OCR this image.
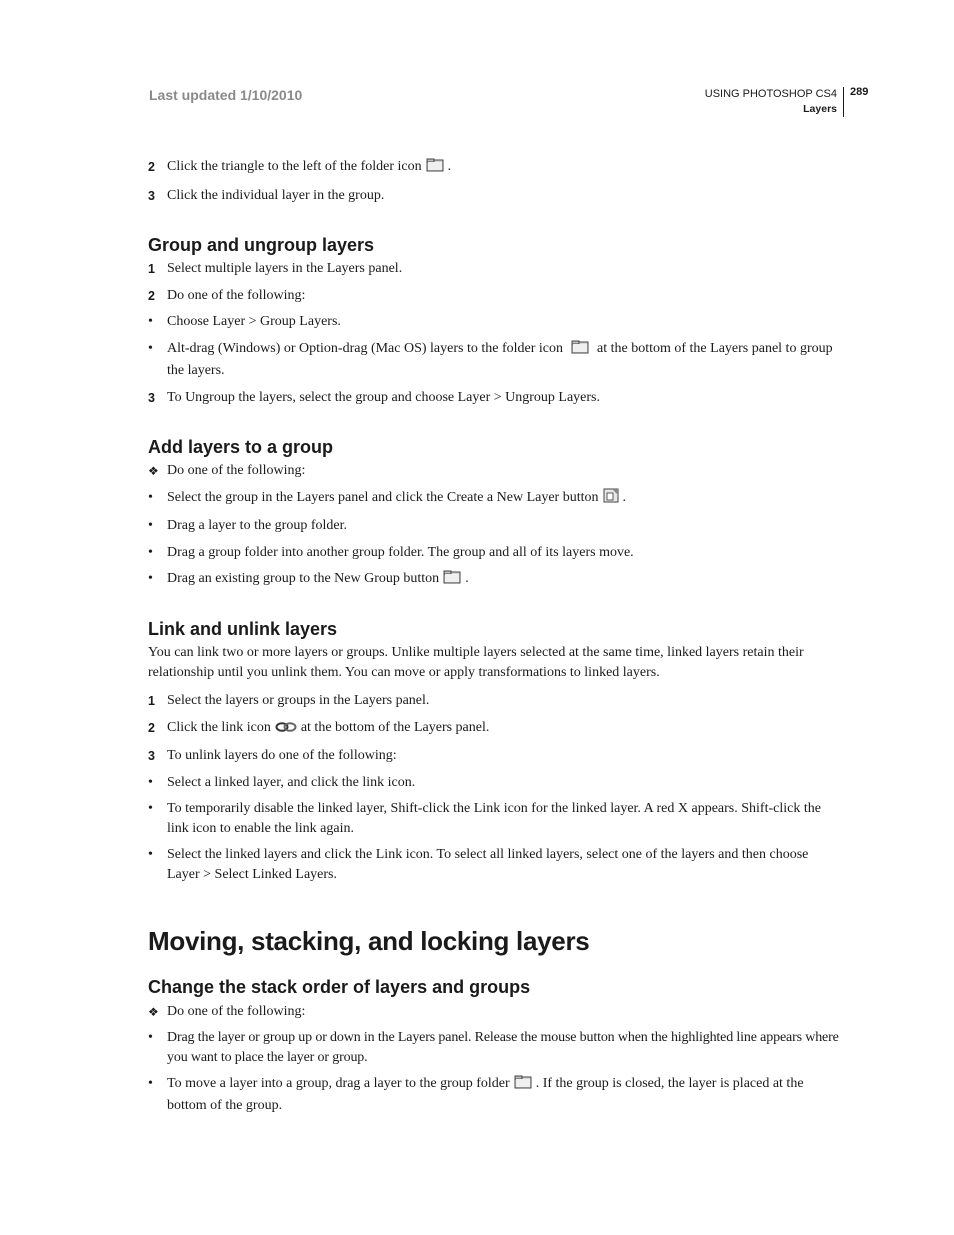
Last updated 1/10/2010	USING PHOTOSHOP CS4
Layers
289

2 Click the triangle to the left of the folder icon .

3 Click the individual layer in the group.

Group and ungroup layers

1 Select multiple layers in the Layers panel.

2 Do one of the following:

• Choose Layer > Group Layers.

• Alt-drag (Windows) or Option-drag (Mac OS) layers to the folder icon at the bottom of the Layers panel to group the layers.

3 To Ungroup the layers, select the group and choose Layer > Ungroup Layers.

Add layers to a group

❖ Do one of the following:

• Select the group in the Layers panel and click the Create a New Layer button .

• Drag a layer to the group folder.

• Drag a group folder into another group folder. The group and all of its layers move.

• Drag an existing group to the New Group button .

Link and unlink layers

You can link two or more layers or groups. Unlike multiple layers selected at the same time, linked layers retain their relationship until you unlink them. You can move or apply transformations to linked layers.

1 Select the layers or groups in the Layers panel.

2 Click the link icon at the bottom of the Layers panel.

3 To unlink layers do one of the following:

• Select a linked layer, and click the link icon.

• To temporarily disable the linked layer, Shift-click the Link icon for the linked layer. A red X appears. Shift-click the link icon to enable the link again.

• Select the linked layers and click the Link icon. To select all linked layers, select one of the layers and then choose Layer > Select Linked Layers.

Moving, stacking, and locking layers
Change the stack order of layers and groups

❖ Do one of the following:

• Drag the layer or group up or down in the Layers panel. Release the mouse button when the highlighted line appears where you want to place the layer or group.

• To move a layer into a group, drag a layer to the group folder . If the group is closed, the layer is placed at the bottom of the group.
